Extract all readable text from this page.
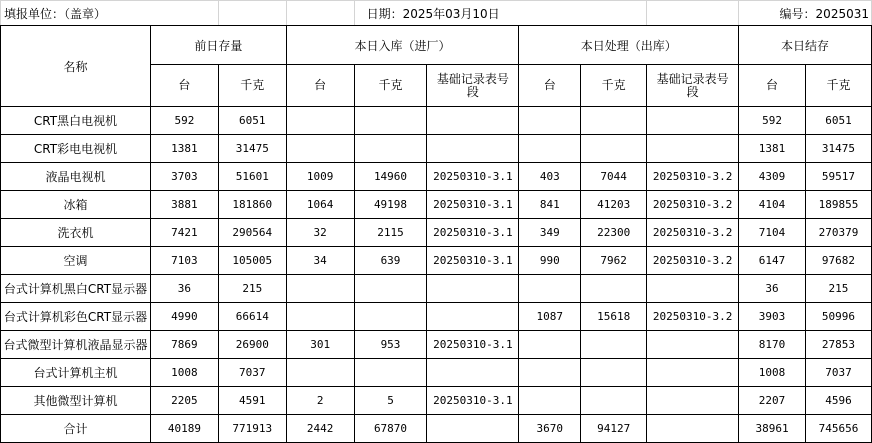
填报单位：（盖章）				日期：2025年03月10日					编号：2025031	
名称	前日存量		本日入库（进厂）			本日处理（出库）			本日结存	
	台	千克	台	千克	基础记录表号段	台	千克	基础记录表号段	台	千克
CRT黑白电视机	592	6051							592	6051
CRT彩电电视机	1381	31475							1381	31475
液晶电视机	3703	51601	1009	14960	20250310-3.1	403	7044	20250310-3.2	4309	59517
冰箱	3881	181860	1064	49198	20250310-3.1	841	41203	20250310-3.2	4104	189855
洗衣机	7421	290564	32	2115	20250310-3.1	349	22300	20250310-3.2	7104	270379
空调	7103	105005	34	639	20250310-3.1	990	7962	20250310-3.2	6147	97682
台式计算机黑白CRT显示器	36	215							36	215
台式计算机彩色CRT显示器	4990	66614				1087	15618	20250310-3.2	3903	50996
台式微型计算机液晶显示器	7869	26900	301	953	20250310-3.1				8170	27853
台式计算机主机	1008	7037							1008	7037
其他微型计算机	2205	4591	2	5	20250310-3.1				2207	4596
合计	40189	771913	2442	67870		3670	94127		38961	745656
